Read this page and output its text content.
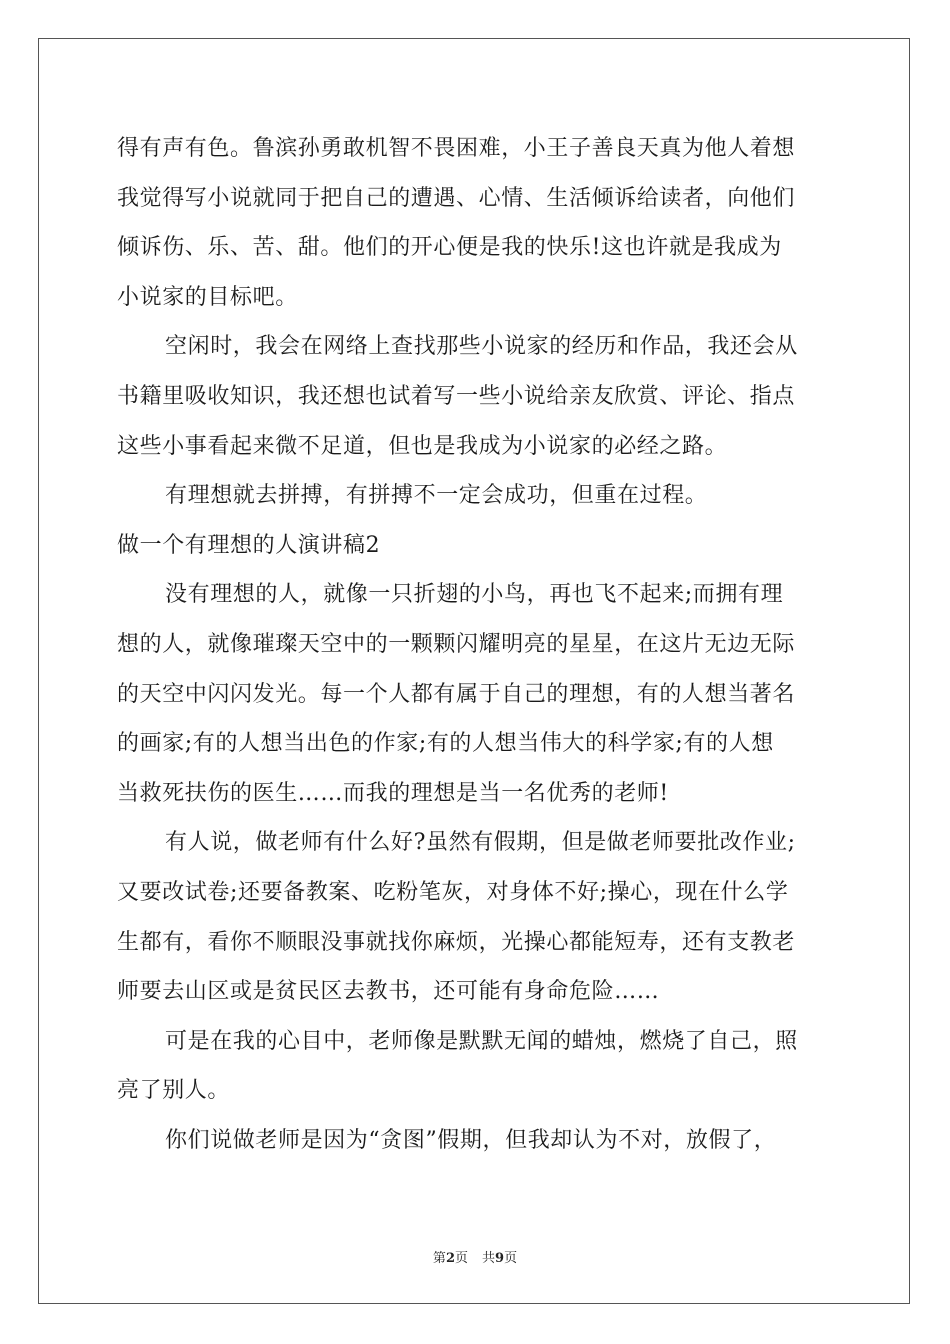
得有声有色。鲁滨孙勇敢机智不畏困难，小王子善良天真为他人着想
我觉得写小说就同于把自己的遭遇、心情、生活倾诉给读者，向他们
倾诉伤、乐、苦、甜。他们的开心便是我的快乐!这也许就是我成为
小说家的目标吧。
空闲时，我会在网络上查找那些小说家的经历和作品，我还会从
书籍里吸收知识，我还想也试着写一些小说给亲友欣赏、评论、指点
这些小事看起来微不足道，但也是我成为小说家的必经之路。
有理想就去拼搏，有拼搏不一定会成功，但重在过程。
做一个有理想的人演讲稿2
没有理想的人，就像一只折翅的小鸟，再也飞不起来;而拥有理
想的人，就像璀璨天空中的一颗颗闪耀明亮的星星，在这片无边无际
的天空中闪闪发光。每一个人都有属于自己的理想，有的人想当著名
的画家;有的人想当出色的作家;有的人想当伟大的科学家;有的人想
当救死扶伤的医生……而我的理想是当一名优秀的老师!
有人说，做老师有什么好?虽然有假期，但是做老师要批改作业;
又要改试卷;还要备教案、吃粉笔灰，对身体不好;操心，现在什么学
生都有，看你不顺眼没事就找你麻烦，光操心都能短寿，还有支教老
师要去山区或是贫民区去教书，还可能有身命危险……
可是在我的心目中，老师像是默默无闻的蜡烛，燃烧了自己，照
亮了别人。
你们说做老师是因为“贪图”假期，但我却认为不对，放假了，
第2页 共9页
